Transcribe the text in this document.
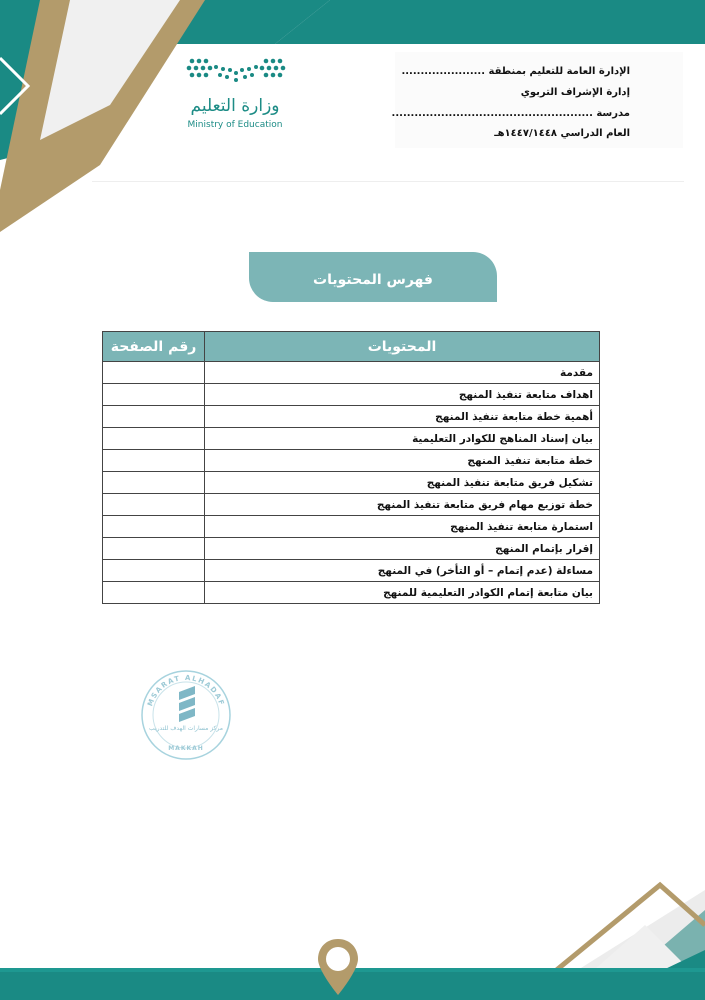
الإدارة العامة للتعليم بمنطقة ......................
إدارة الإشراف التربوي
مدرسة .....................................................
العام الدراسي ١٤٤٧/١٤٤٨هـ
وزارة التعليم
Ministry of Education
فهرس المحتويات
المحتويات	رقم الصفحة
مقدمة	
اهداف متابعة تنفيذ المنهج	
أهمية خطة متابعة تنفيذ المنهج	
بيان إسناد المناهج للكوادر التعليمية	
خطة متابعة تنفيذ المنهج	
تشكيل فريق متابعة تنفيذ المنهج	
خطة توزيع مهام فريق متابعة تنفيذ المنهج	
استمارة متابعة تنفيذ المنهج	
إقرار بإتمام المنهج	
مساءلة (عدم إتمام – أو التأخر) في المنهج	
بيان متابعة إتمام الكوادر التعليمية للمنهج	
MSARAT ALHADAF
مركز مسارات الهدف للتدريب
MAKKAH
